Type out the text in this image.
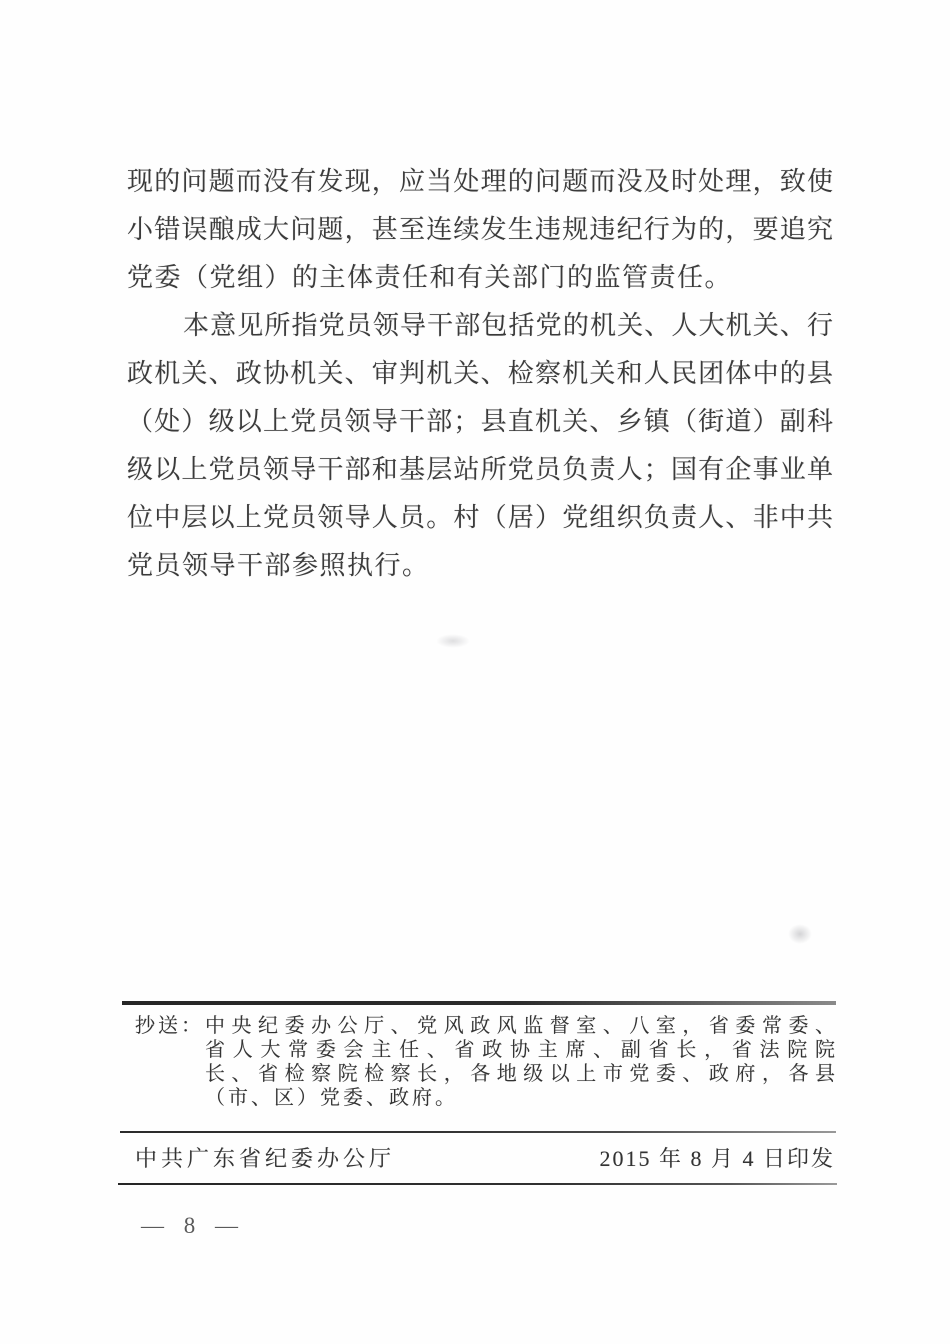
现的问题而没有发现，应当处理的问题而没及时处理，致使
小错误酿成大问题，甚至连续发生违规违纪行为的，要追究
党委（党组）的主体责任和有关部门的监管责任。
本意见所指党员领导干部包括党的机关、人大机关、行
政机关、政协机关、审判机关、检察机关和人民团体中的县
（处）级以上党员领导干部；县直机关、乡镇（街道）副科
级以上党员领导干部和基层站所党员负责人；国有企事业单
位中层以上党员领导人员。村（居）党组织负责人、非中共
党员领导干部参照执行。
抄送： 中央纪委办公厅、党风政风监督室、八室，省委常委、
省人大常委会主任、省政协主席、副省长，省法院院
长、省检察院检察长，各地级以上市党委、政府，各县
（市、区）党委、政府。
中共广东省纪委办公厅	2015 年 8 月 4 日印发
— 8 —
